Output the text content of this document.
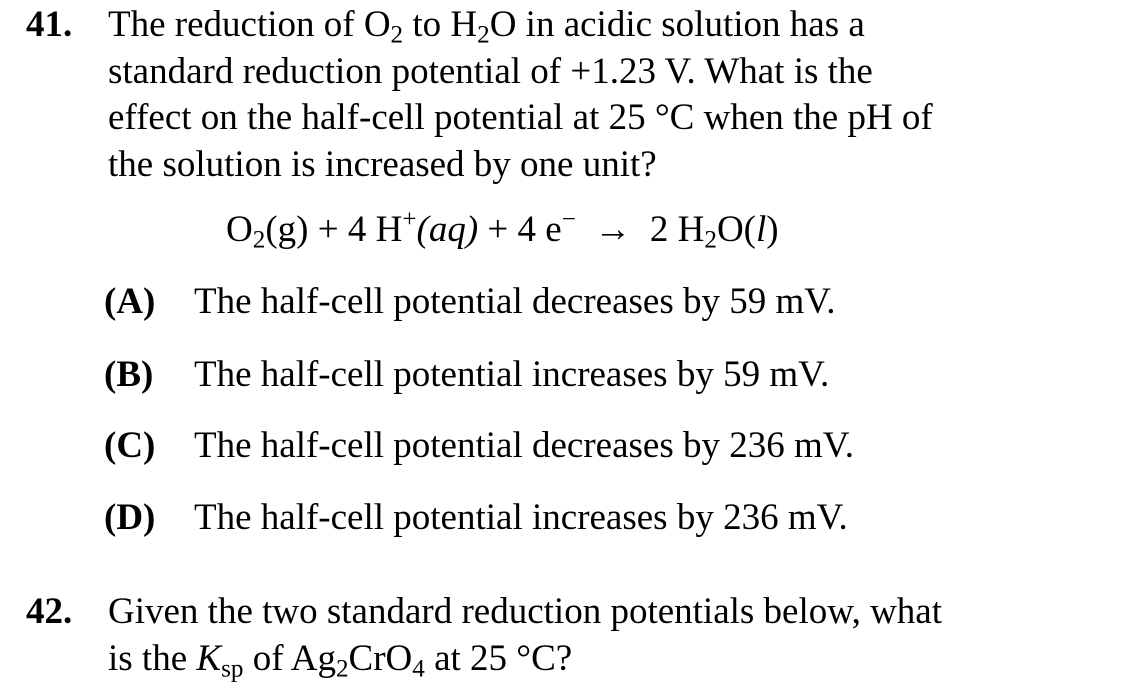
41. The reduction of $O_2$ to $H_2O$ in acidic solution has a
standard reduction potential of +1.23 V. What is the
effect on the half-cell potential at 25 °C when the pH of
the solution is increased by one unit?
$O_2(g) + 4$ H+(aq) + 4 e−  →  2 $H_2O(l)$
(A) The half-cell potential decreases by 59 mV.
(B) The half-cell potential increases by 59 mV.
(C) The half-cell potential decreases by 236 mV.
(D) The half-cell potential increases by 236 mV.
42. Given the two standard reduction potentials below, what
is the $K_{sp}$ of $Ag_2CrO_4$ at 25 °C?
